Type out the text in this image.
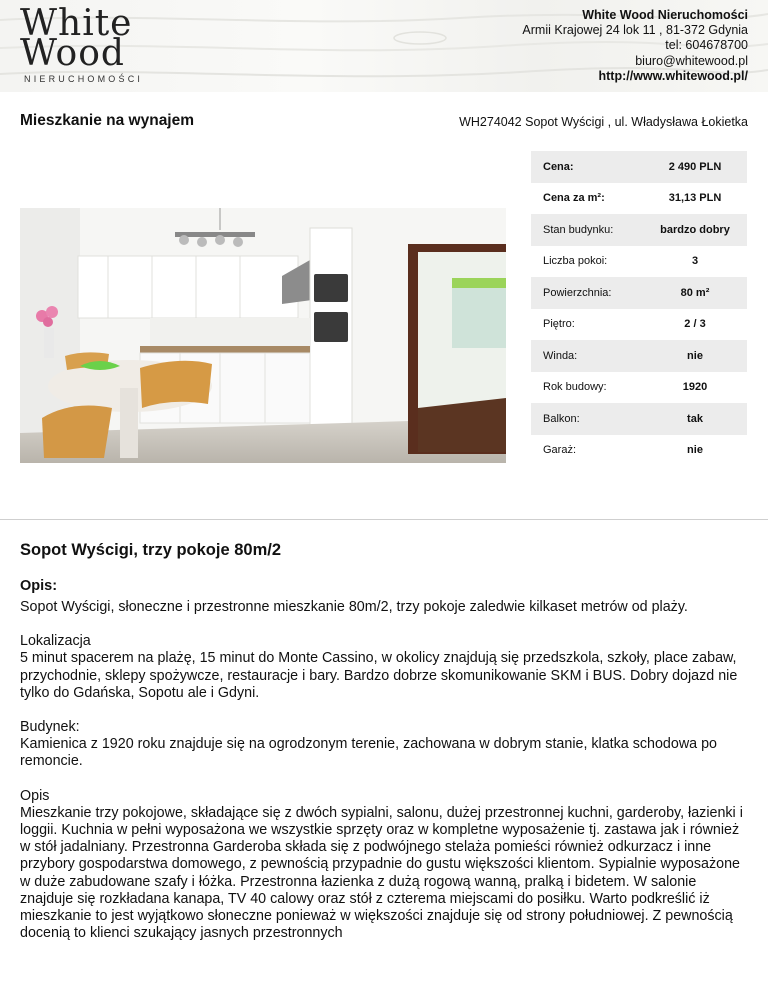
White
Wood
NIERUCHOMOŚCI
White Wood Nieruchomości
Armii Krajowej 24 lok 11 , 81-372 Gdynia
tel: 604678700
biuro@whitewood.pl
http://www.whitewood.pl/
Mieszkanie na wynajem	WH274042 Sopot Wyścigi , ul. Władysława Łokietka
Cena:	2 490 PLN
Cena za m²:	31,13 PLN
Stan budynku:	bardzo dobry
Liczba pokoi:	3
Powierzchnia:	80 m²
Piętro:	2 / 3
Winda:	nie
Rok budowy:	1920
Balkon:	tak
Garaż:	nie
Sopot Wyścigi, trzy pokoje 80m/2
Opis:

Sopot Wyścigi, słoneczne i przestronne mieszkanie 80m/2, trzy pokoje zaledwie kilkaset metrów od plaży.

Lokalizacja
5 minut spacerem na plażę, 15 minut do Monte Cassino, w okolicy znajdują się przedszkola, szkoły, place zabaw, przychodnie, sklepy spożywcze, restauracje i bary. Bardzo dobrze skomunikowanie SKM i BUS. Dobry dojazd nie tylko do Gdańska, Sopotu ale i Gdyni.

Budynek:
Kamienica z 1920 roku znajduje się na ogrodzonym terenie, zachowana w dobrym stanie, klatka schodowa po remoncie.

Opis
Mieszkanie trzy pokojowe, składające się z dwóch sypialni, salonu, dużej przestronnej kuchni, garderoby, łazienki i loggii. Kuchnia w pełni wyposażona we wszystkie sprzęty oraz w kompletne wyposażenie tj. zastawa jak i również w stół jadalniany. Przestronna Garderoba składa się z podwójnego stelaża pomieści również odkurzacz i inne przybory gospodarstwa domowego, z pewnością przypadnie do gustu większości klientom. Sypialnie wyposażone w duże zabudowane szafy i łóżka. Przestronna łazienka z dużą rogową wanną, pralką i bidetem. W salonie znajduje się rozkładana kanapa, TV 40 calowy oraz stół z czterema miejscami do posiłku. Warto podkreślić iż mieszkanie to jest wyjątkowo słoneczne ponieważ w większości znajduje się od strony południowej. Z pewnością docenią to klienci szukający jasnych przestronnych
